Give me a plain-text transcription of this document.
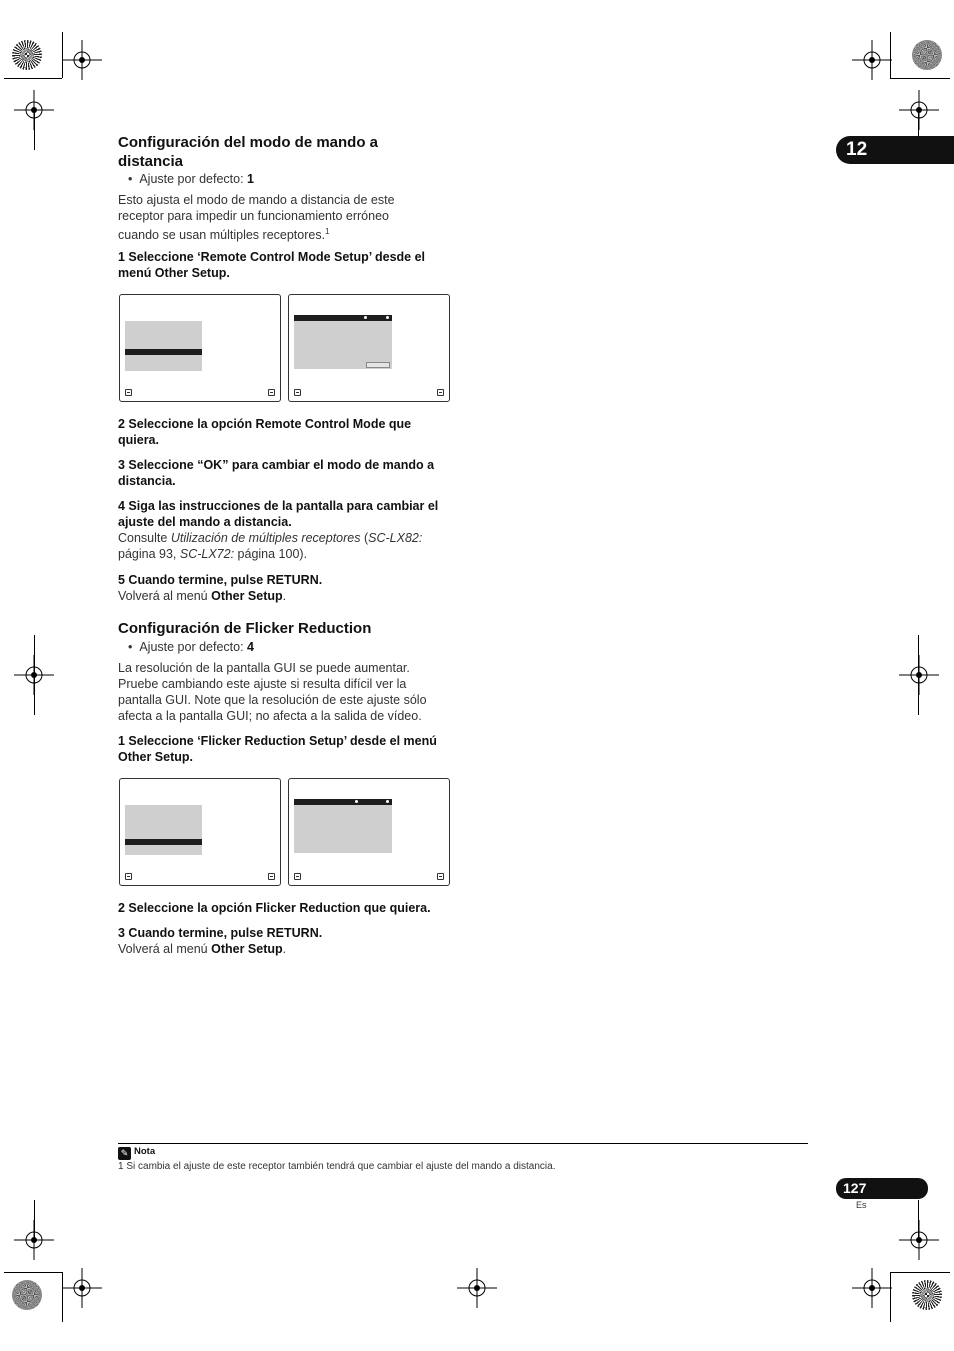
12
Configuración del modo de mando a
distancia
•  Ajuste por defecto: 1
Esto ajusta el modo de mando a distancia de este
receptor para impedir un funcionamiento erróneo
cuando se usan múltiples receptores.$^1$
1 Seleccione ‘Remote Control Mode Setup’ desde el
menú Other Setup.
2 Seleccione la opción Remote Control Mode que
quiera.
3 Seleccione “OK” para cambiar el modo de mando a
distancia.
4 Siga las instrucciones de la pantalla para cambiar el
ajuste del mando a distancia.
Consulte Utilización de múltiples receptores (SC-LX82:
página 93, SC-LX72: página 100).
5 Cuando termine, pulse RETURN.
Volverá al menú Other Setup.
Configuración de Flicker Reduction
•  Ajuste por defecto: 4
La resolución de la pantalla GUI se puede aumentar.
Pruebe cambiando este ajuste si resulta difícil ver la
pantalla GUI. Note que la resolución de este ajuste sólo
afecta a la pantalla GUI; no afecta a la salida de vídeo.
1 Seleccione ‘Flicker Reduction Setup’ desde el menú
Other Setup.
2 Seleccione la opción Flicker Reduction que quiera.
3 Cuando termine, pulse RETURN.
Volverá al menú Other Setup.
✎ Nota
1 Si cambia el ajuste de este receptor también tendrá que cambiar el ajuste del mando a distancia.
127
Es
